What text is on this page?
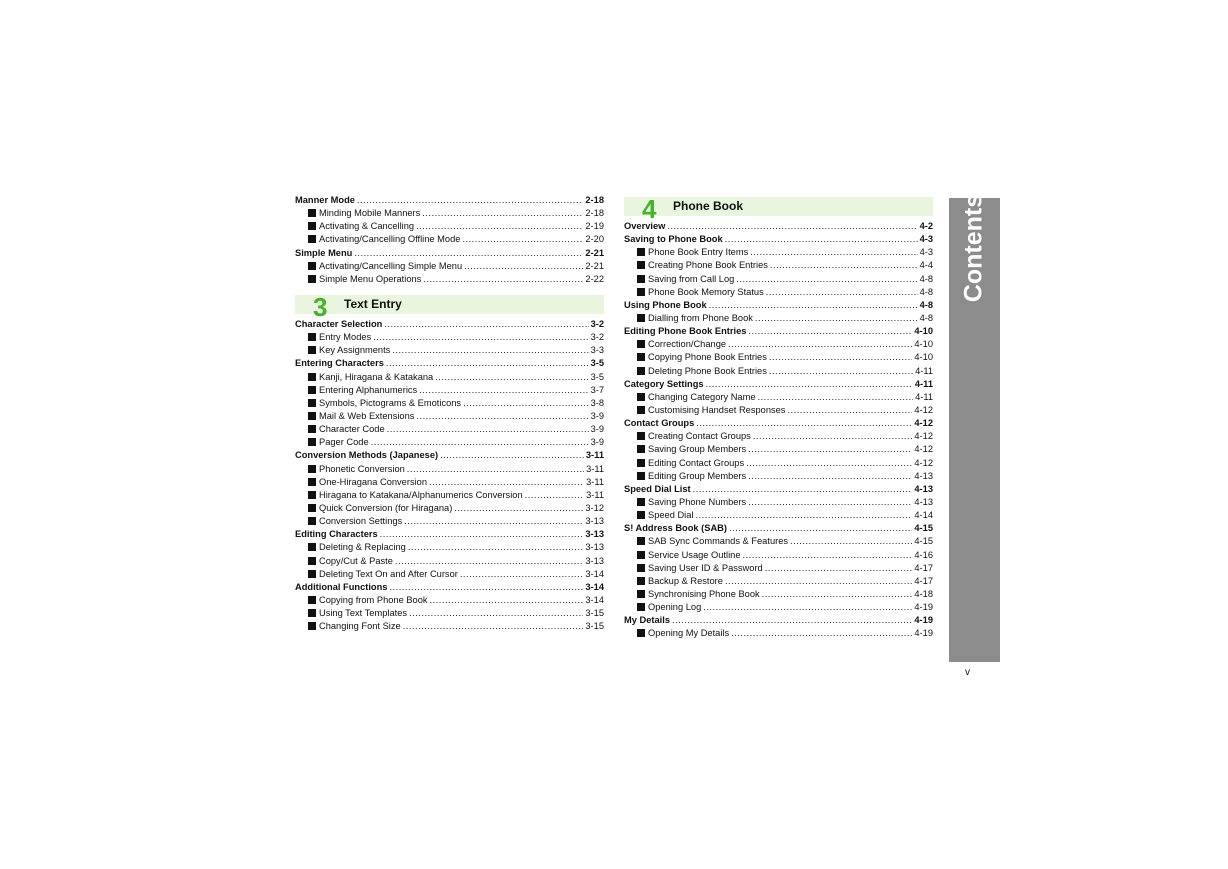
Manner Mode .....	2-18
Minding Mobile Manners .....	2-18
Activating & Cancelling .....	2-19
Activating/Cancelling Offline Mode .....	2-20
Simple Menu .....	2-21
Activating/Cancelling Simple Menu .....	2-21
Simple Menu Operations .....	2-22
3 Text Entry
Character Selection .....	3-2
Entry Modes .....	3-2
Key Assignments .....	3-3
Entering Characters .....	3-5
Kanji, Hiragana & Katakana .....	3-5
Entering Alphanumerics .....	3-7
Symbols, Pictograms & Emoticons .....	3-8
Mail & Web Extensions .....	3-9
Character Code .....	3-9
Pager Code .....	3-9
Conversion Methods (Japanese) .....	3-11
Phonetic Conversion .....	3-11
One-Hiragana Conversion .....	3-11
Hiragana to Katakana/Alphanumerics Conversion .....	3-11
Quick Conversion (for Hiragana) .....	3-12
Conversion Settings .....	3-13
Editing Characters .....	3-13
Deleting & Replacing .....	3-13
Copy/Cut & Paste .....	3-13
Deleting Text On and After Cursor .....	3-14
Additional Functions .....	3-14
Copying from Phone Book .....	3-14
Using Text Templates .....	3-15
Changing Font Size .....	3-15
4 Phone Book
Overview .....	4-2
Saving to Phone Book .....	4-3
Phone Book Entry Items .....	4-3
Creating Phone Book Entries .....	4-4
Saving from Call Log .....	4-8
Phone Book Memory Status .....	4-8
Using Phone Book .....	4-8
Dialling from Phone Book .....	4-8
Editing Phone Book Entries .....	4-10
Correction/Change .....	4-10
Copying Phone Book Entries .....	4-10
Deleting Phone Book Entries .....	4-11
Category Settings .....	4-11
Changing Category Name .....	4-11
Customising Handset Responses .....	4-12
Contact Groups .....	4-12
Creating Contact Groups .....	4-12
Saving Group Members .....	4-12
Editing Contact Groups .....	4-12
Editing Group Members .....	4-13
Speed Dial List .....	4-13
Saving Phone Numbers .....	4-13
Speed Dial .....	4-14
S! Address Book (SAB) .....	4-15
SAB Sync Commands & Features .....	4-15
Service Usage Outline .....	4-16
Saving User ID & Password .....	4-17
Backup & Restore .....	4-17
Synchronising Phone Book .....	4-18
Opening Log .....	4-19
My Details .....	4-19
Opening My Details .....	4-19
Contents
v
